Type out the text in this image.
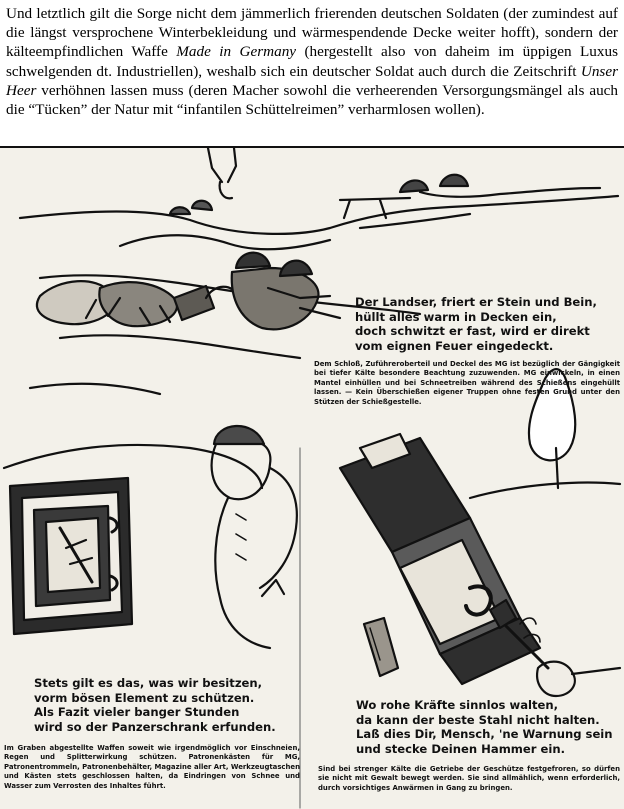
Und letztlich gilt die Sorge nicht dem jämmerlich frierenden deutschen Soldaten (der zumindest auf die längst versprochene Winterbekleidung und wärmespendende Decke weiter hofft), sondern der kälteempfindlichen Waffe Made in Germany (hergestellt also von daheim im üppigen Luxus schwelgenden dt. Industriellen), weshalb sich ein deutscher Soldat auch durch die Zeitschrift Unser Heer verhöhnen lassen muss (deren Macher sowohl die verheerenden Versorgungsmängel als auch die “Tücken” der Natur mit “infantilen Schüttelreimen” verharmlosen wollen).
Der Landser, friert er Stein und Bein,
hüllt alles warm in Decken ein,
doch schwitzt er fast, wird er direkt
vom eignen Feuer eingedeckt.
Dem Schloß, Zuführeroberteil und Deckel des MG ist bezüglich der Gängigkeit bei tiefer Kälte besondere Beachtung zuzuwenden. MG einwickeln, in einen Mantel einhüllen und bei Schneetreiben während des Schießens eingehüllt lassen. — Kein Überschießen eigener Truppen ohne festen Grund unter den Stützen der Schießgestelle.
Stets gilt es das, was wir besitzen,
vorm bösen Element zu schützen.
Als Fazit vieler banger Stunden
wird so der Panzerschrank erfunden.
Im Graben abgestellte Waffen soweit wie irgendmöglich vor Einschneien, Regen und Splitterwirkung schützen. Patronenkästen für MG, Patronentrommeln, Patronenbehälter, Magazine aller Art, Werkzeugtaschen und Kästen stets geschlossen halten, da Eindringen von Schnee und Wasser zum Verrosten des Inhaltes führt.
Wo rohe Kräfte sinnlos walten,
da kann der beste Stahl nicht halten.
Laß dies Dir, Mensch, 'ne Warnung sein
und stecke Deinen Hammer ein.
Sind bei strenger Kälte die Getriebe der Geschütze festgefroren, so dürfen sie nicht mit Gewalt bewegt werden. Sie sind allmählich, wenn erforderlich, durch vorsichtiges Anwärmen in Gang zu bringen.
